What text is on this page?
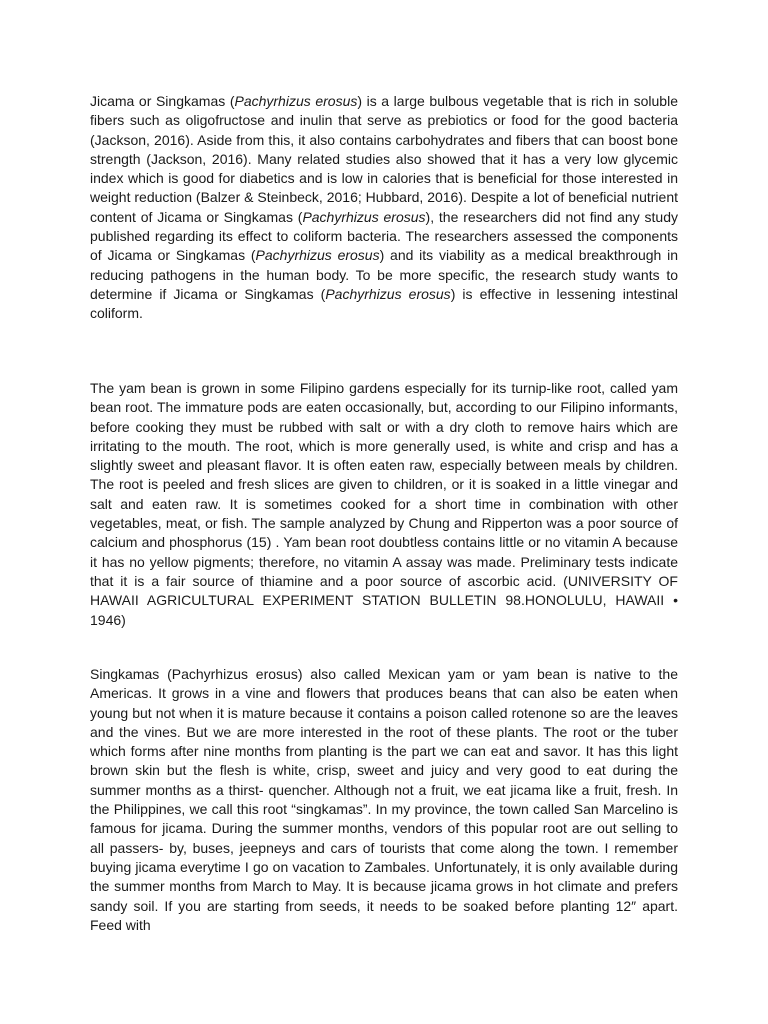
Jicama or Singkamas (Pachyrhizus erosus) is a large bulbous vegetable that is rich in soluble fibers such as oligofructose and inulin that serve as prebiotics or food for the good bacteria (Jackson, 2016). Aside from this, it also contains carbohydrates and fibers that can boost bone strength (Jackson, 2016). Many related studies also showed that it has a very low glycemic index which is good for diabetics and is low in calories that is beneficial for those interested in weight reduction (Balzer & Steinbeck, 2016; Hubbard, 2016). Despite a lot of beneficial nutrient content of Jicama or Singkamas (Pachyrhizus erosus), the researchers did not find any study published regarding its effect to coliform bacteria. The researchers assessed the components of Jicama or Singkamas (Pachyrhizus erosus) and its viability as a medical breakthrough in reducing pathogens in the human body. To be more specific, the research study wants to determine if Jicama or Singkamas (Pachyrhizus erosus) is effective in lessening intestinal coliform.

The yam bean is grown in some Filipino gardens especially for its turnip-like root, called yam bean root. The immature pods are eaten occasionally, but, according to our Filipino informants, before cooking they must be rubbed with salt or with a dry cloth to remove hairs which are irritating to the mouth. The root, which is more generally used, is white and crisp and has a slightly sweet and pleasant flavor. It is often eaten raw, especially between meals by children. The root is peeled and fresh slices are given to children, or it is soaked in a little vinegar and salt and eaten raw. It is sometimes cooked for a short time in combination with other vegetables, meat, or fish. The sample analyzed by Chung and Ripperton was a poor source of calcium and phosphorus (15) . Yam bean root doubtless contains little or no vitamin A because it has no yellow pigments; therefore, no vitamin A assay was made. Preliminary tests indicate that it is a fair source of thiamine and a poor source of ascorbic acid. (UNIVERSITY OF HAWAII AGRICULTURAL EXPERIMENT STATION BULLETIN 98.HONOLULU, HAWAII • 1946)

Singkamas (Pachyrhizus erosus) also called Mexican yam or yam bean is native to the Americas. It grows in a vine and flowers that produces beans that can also be eaten when young but not when it is mature because it contains a poison called rotenone so are the leaves and the vines. But we are more interested in the root of these plants. The root or the tuber which forms after nine months from planting is the part we can eat and savor. It has this light brown skin but the flesh is white, crisp, sweet and juicy and very good to eat during the summer months as a thirst- quencher. Although not a fruit, we eat jicama like a fruit, fresh. In the Philippines, we call this root “singkamas”. In my province, the town called San Marcelino is famous for jicama. During the summer months, vendors of this popular root are out selling to all passers- by, buses, jeepneys and cars of tourists that come along the town. I remember buying jicama everytime I go on vacation to Zambales. Unfortunately, it is only available during the summer months from March to May. It is because jicama grows in hot climate and prefers sandy soil. If you are starting from seeds, it needs to be soaked before planting 12″ apart. Feed with
